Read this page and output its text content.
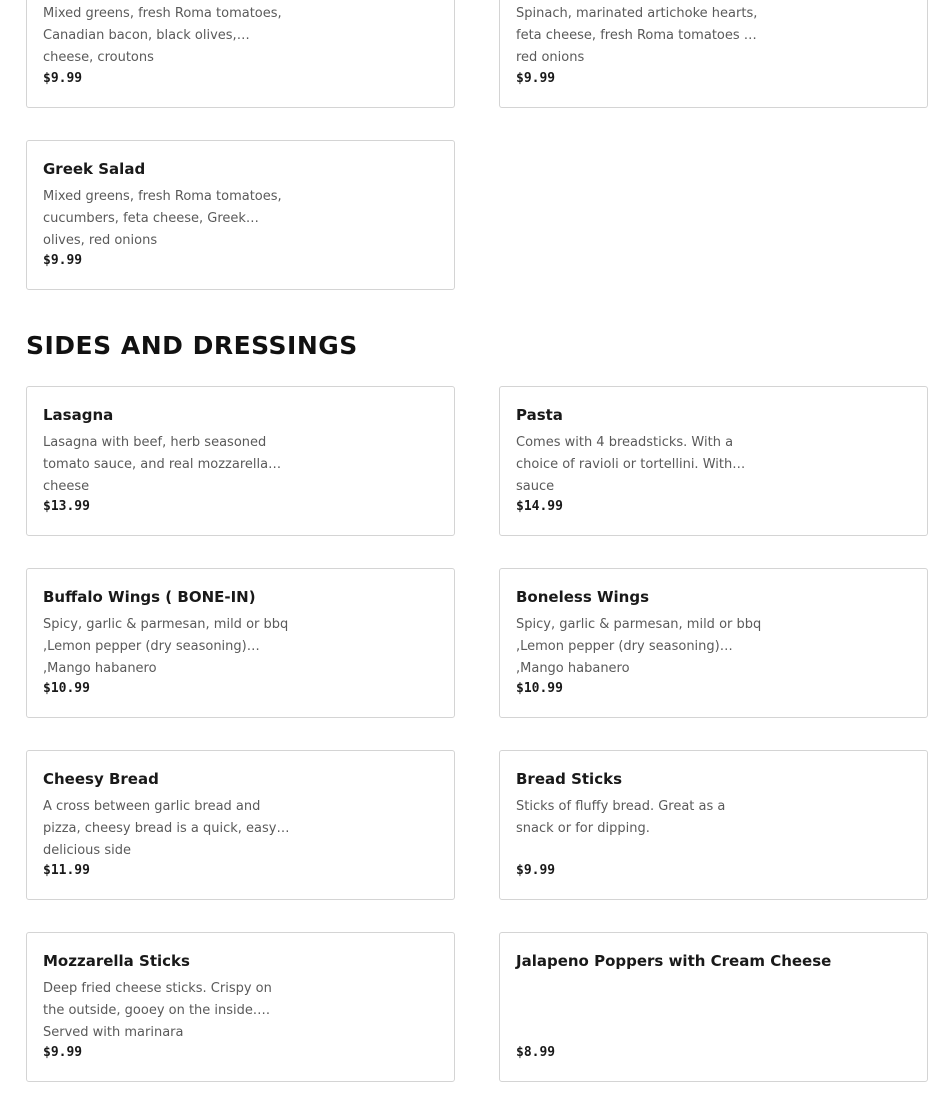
Mixed greens, fresh Roma tomatoes, Canadian bacon, black olives, cheese, croutons
$9.99
Spinach, marinated artichoke hearts, feta cheese, fresh Roma tomatoes & red onions
$9.99
Greek Salad
Mixed greens, fresh Roma tomatoes, cucumbers, feta cheese, Greek olives, red onions
$9.99
SIDES AND DRESSINGS
Lasagna
Lasagna with beef, herb seasoned tomato sauce, and real mozzarella cheese
$13.99
Pasta
Comes with 4 breadsticks. With a choice of ravioli or tortellini. With sauce
$14.99
Buffalo Wings ( BONE-IN)
Spicy, garlic & parmesan, mild or bbq ,Lemon pepper (dry seasoning) ,Mango habanero
$10.99
Boneless Wings
Spicy, garlic & parmesan, mild or bbq ,Lemon pepper (dry seasoning) ,Mango habanero
$10.99
Cheesy Bread
A cross between garlic bread and pizza, cheesy bread is a quick, easy, delicious side
$11.99
Bread Sticks
Sticks of fluffy bread. Great as a snack or for dipping.
$9.99
Mozzarella Sticks
Deep fried cheese sticks. Crispy on the outside, gooey on the inside. Served with marinara
$9.99
Jalapeno Poppers with Cream Cheese
$8.99
